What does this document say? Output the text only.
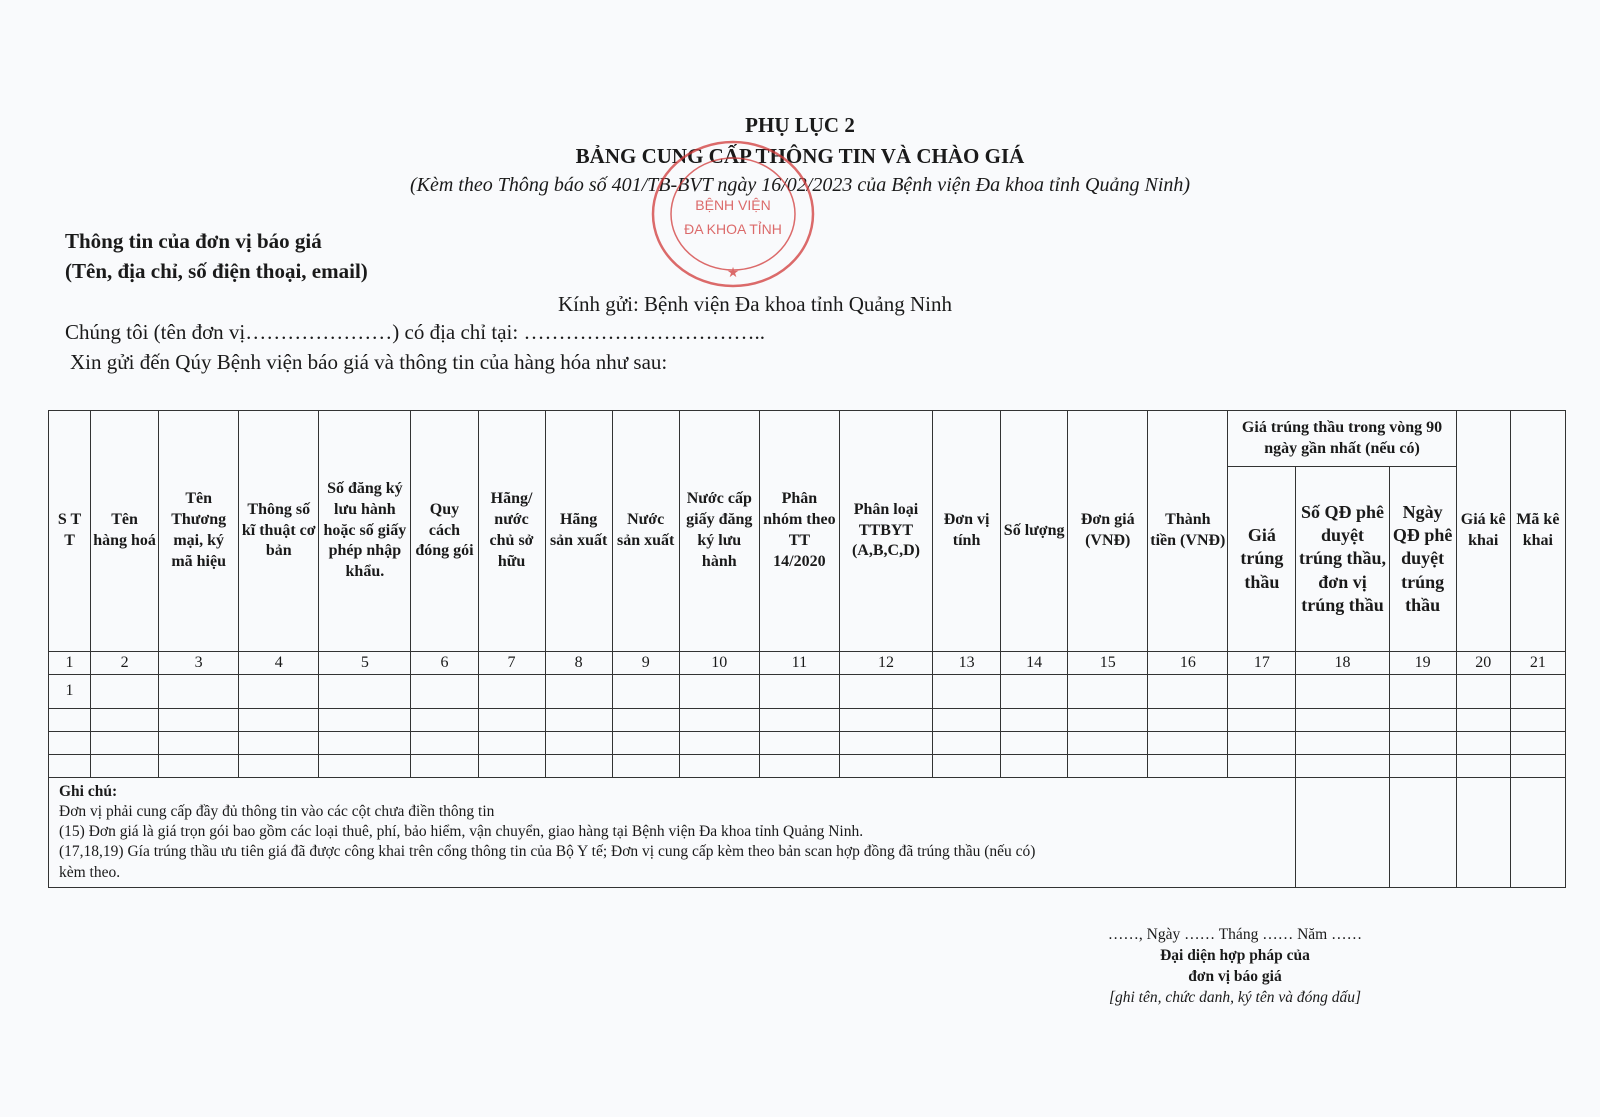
PHỤ LỤC 2
BẢNG CUNG CẤP THÔNG TIN VÀ CHÀO GIÁ
(Kèm theo Thông báo số 401/TB-BVT ngày 16/02/2023 của Bệnh viện Đa khoa tỉnh Quảng Ninh)
BỆNH VIỆN
ĐA KHOA TỈNH
★
Thông tin của đơn vị báo giá
(Tên, địa chỉ, số điện thoại, email)
Kính gửi: Bệnh viện Đa khoa tỉnh Quảng Ninh
Chúng tôi (tên đơn vị…………………) có địa chỉ tại: ……………………………..
Xin gửi đến Qúy Bệnh viện báo giá và thông tin của hàng hóa như sau:
S T T	Tên hàng hoá	Tên Thương mại, ký mã hiệu	Thông số kĩ thuật cơ bản	Số đăng ký lưu hành hoặc số giấy phép nhập khẩu.	Quy cách đóng gói	Hãng/ nước chủ sở hữu	Hãng sản xuất	Nước sản xuất	Nước cấp giấy đăng ký lưu hành	Phân nhóm theo TT 14/2020	Phân loại TTBYT (A,B,C,D)	Đơn vị tính	Số lượng	Đơn giá (VNĐ)	Thành tiền (VNĐ)	Giá trúng thầu trong vòng 90 ngày gần nhất (nếu có)			Giá kê khai	Mã kê khai
																Giá trúng thầu	Số QĐ phê duyệt trúng thầu, đơn vị trúng thầu	Ngày QĐ phê duyệt trúng thầu		
1	2	3	4	5	6	7	8	9	10	11	12	13	14	15	16	17	18	19	20	21
1																				

Ghi chú:
Đơn vị phải cung cấp đầy đủ thông tin vào các cột chưa điền thông tin
(15) Đơn giá là giá trọn gói bao gồm các loại thuê, phí, bảo hiểm, vận chuyển, giao hàng tại Bệnh viện Đa khoa tỉnh Quảng Ninh.
(17,18,19) Gía trúng thầu ưu tiên giá đã được công khai trên cổng thông tin của Bộ Y tế; Đơn vị cung cấp kèm theo bản scan hợp đồng đã trúng thầu (nếu có)
kèm theo.																				

……, Ngày …… Tháng …… Năm ……
Đại diện hợp pháp của
đơn vị báo giá
[ghi tên, chức danh, ký tên và đóng dấu]
